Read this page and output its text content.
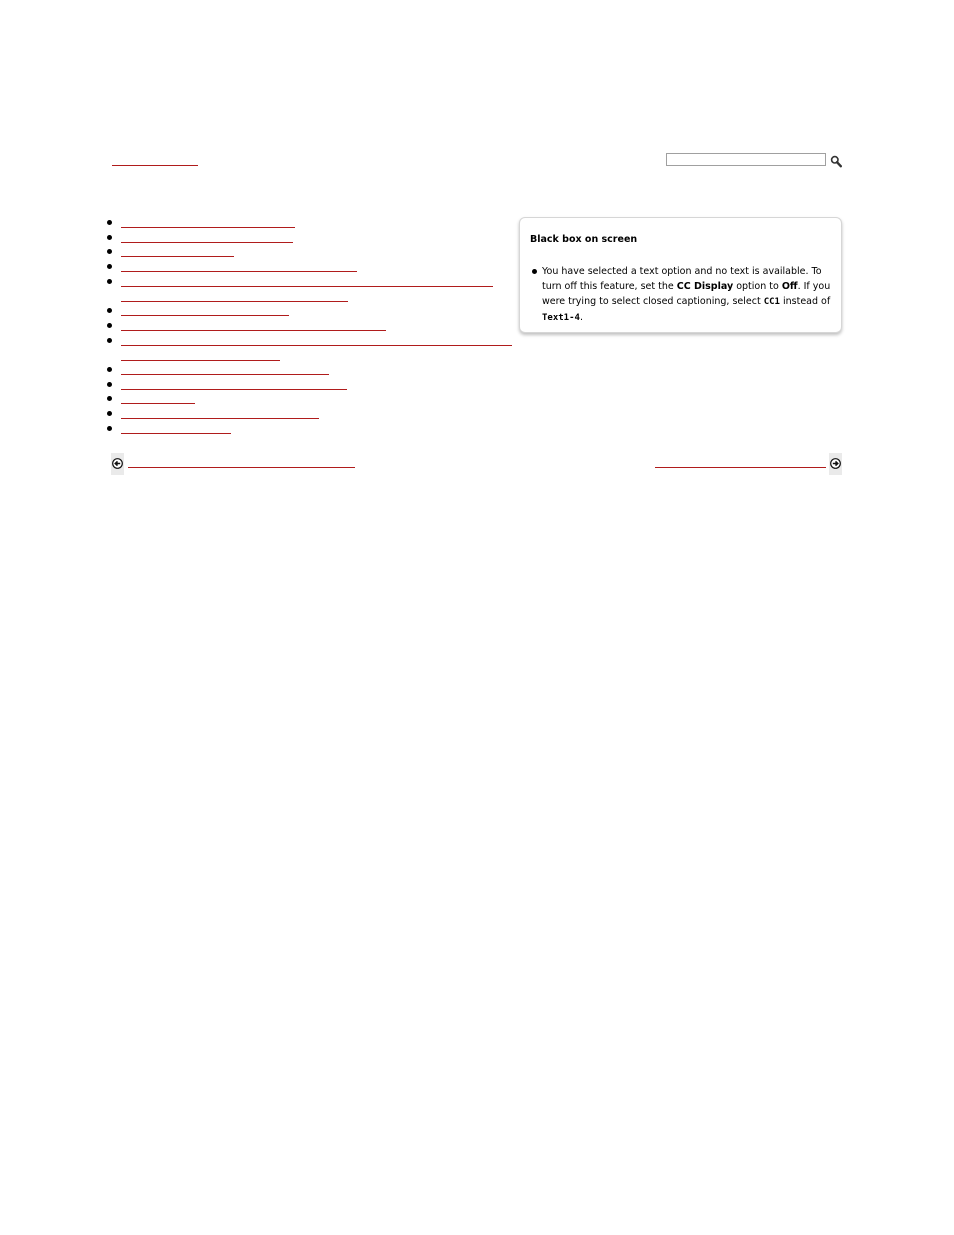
Black box on screen

You have selected a text option and no text is available. To turn off this feature, set the CC Display option to Off. If you were trying to select closed captioning, select CC1 instead of Text1-4.
